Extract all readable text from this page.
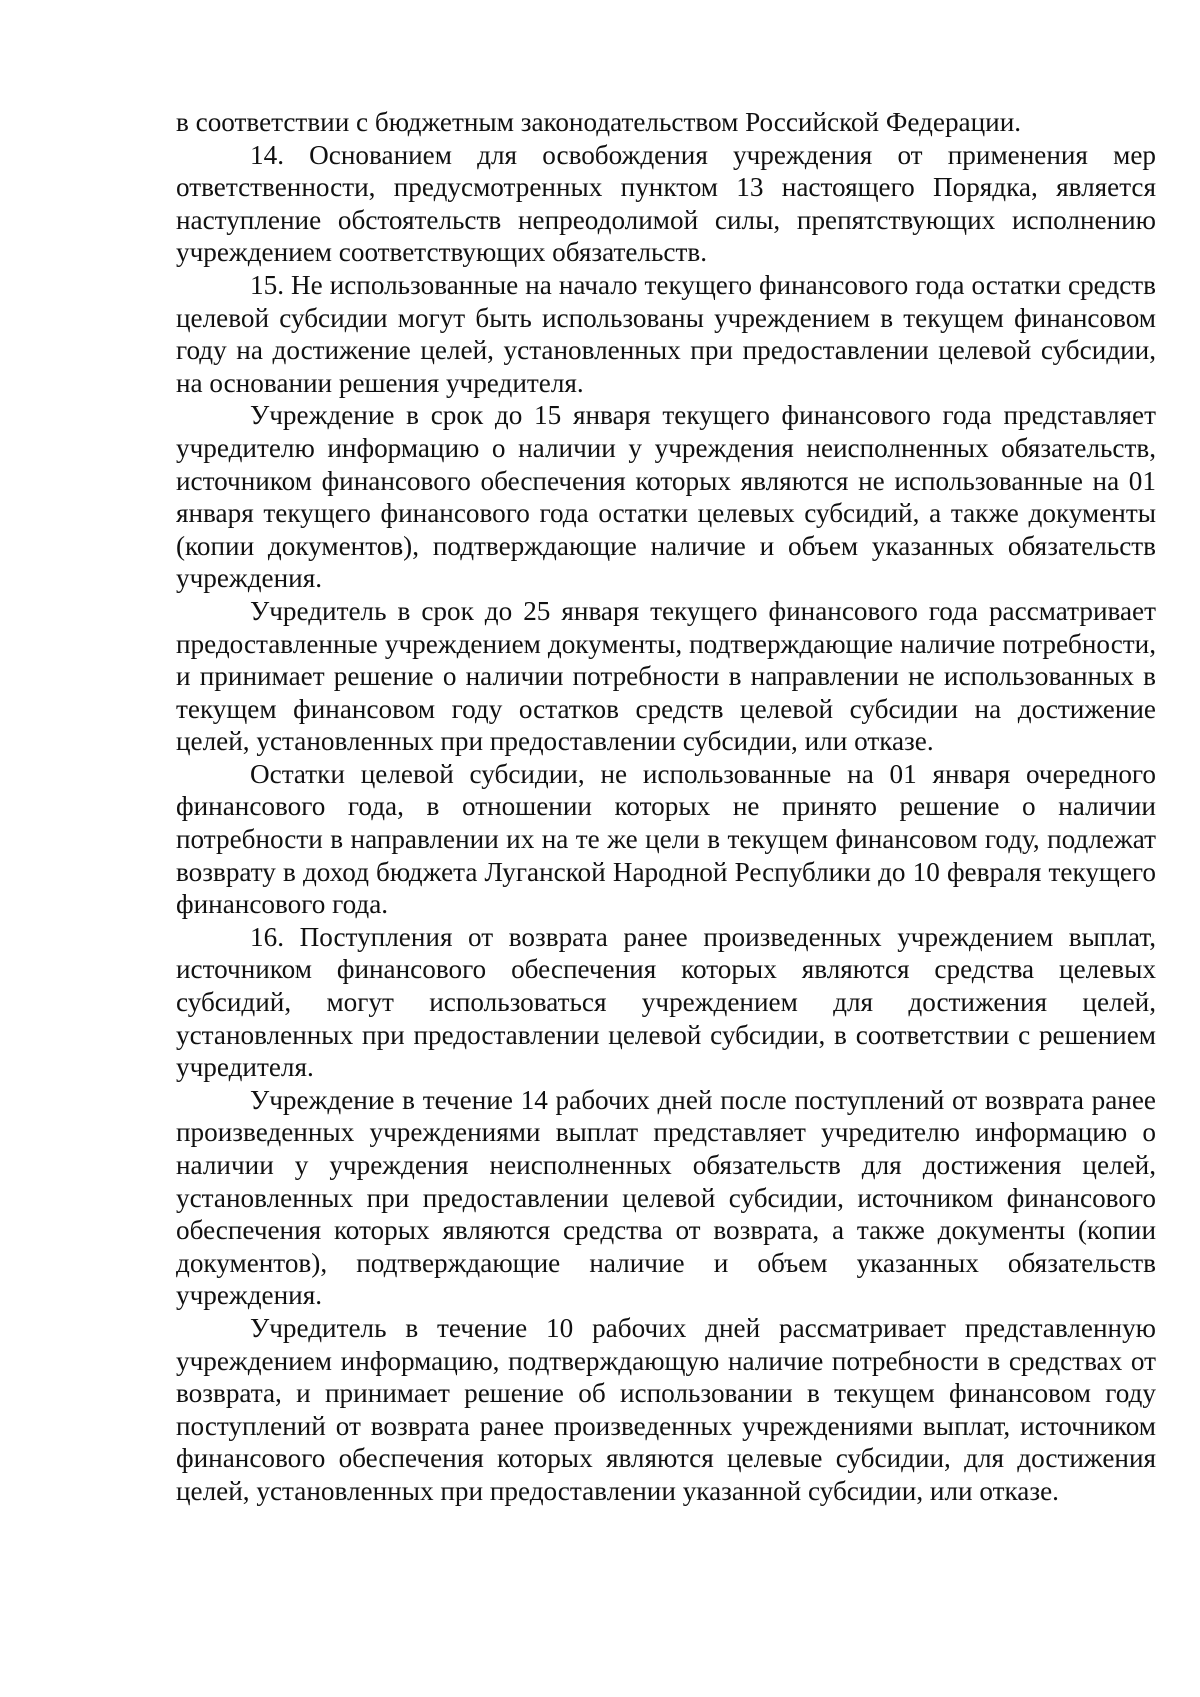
в соответствии с бюджетным законодательством Российской Федерации.

14. Основанием для освобождения учреждения от применения мер ответственности, предусмотренных пунктом 13 настоящего Порядка, является наступление обстоятельств непреодолимой силы, препятствующих исполнению учреждением соответствующих обязательств.

15. Не использованные на начало текущего финансового года остатки средств целевой субсидии могут быть использованы учреждением в текущем финансовом году на достижение целей, установленных при предоставлении целевой субсидии, на основании решения учредителя.

Учреждение в срок до 15 января текущего финансового года представляет учредителю информацию о наличии у учреждения неисполненных обязательств, источником финансового обеспечения которых являются не использованные на 01 января текущего финансового года остатки целевых субсидий, а также документы (копии документов), подтверждающие наличие и объем указанных обязательств учреждения.

Учредитель в срок до 25 января текущего финансового года рассматривает предоставленные учреждением документы, подтверждающие наличие потребности, и принимает решение о наличии потребности в направлении не использованных в текущем финансовом году остатков средств целевой субсидии на достижение целей, установленных при предоставлении субсидии, или отказе.

Остатки целевой субсидии, не использованные на 01 января очередного финансового года, в отношении которых не принято решение о наличии потребности в направлении их на те же цели в текущем финансовом году, подлежат возврату в доход бюджета Луганской Народной Республики до 10 февраля текущего финансового года.

16. Поступления от возврата ранее произведенных учреждением выплат, источником финансового обеспечения которых являются средства целевых субсидий, могут использоваться учреждением для достижения целей, установленных при предоставлении целевой субсидии, в соответствии с решением учредителя.

Учреждение в течение 14 рабочих дней после поступлений от возврата ранее произведенных учреждениями выплат представляет учредителю информацию о наличии у учреждения неисполненных обязательств для достижения целей, установленных при предоставлении целевой субсидии, источником финансового обеспечения которых являются средства от возврата, а также документы (копии документов), подтверждающие наличие и объем указанных обязательств учреждения.

Учредитель в течение 10 рабочих дней рассматривает представленную учреждением информацию, подтверждающую наличие потребности в средствах от возврата, и принимает решение об использовании в текущем финансовом году поступлений от возврата ранее произведенных учреждениями выплат, источником финансового обеспечения которых являются целевые субсидии, для достижения целей, установленных при предоставлении указанной субсидии, или отказе.
